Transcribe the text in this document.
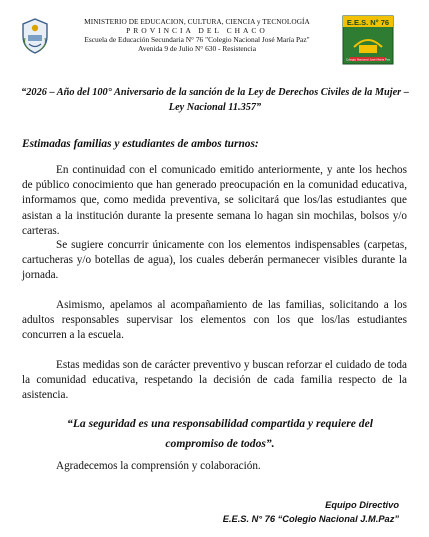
MINISTERIO DE EDUCACION, CULTURA, CIENCIA y TECNOLOGÍA
PROVINCIA DEL CHACO
Escuela de Educación Secundaria N° 76 "Colegio Nacional José María Paz"
Avenida 9 de Julio N° 630 - Resistencia
E.E.S. N° 76
Colegio Nacional José María Paz
“2026 – Año del 100° Aniversario de la sanción de la Ley de Derechos Civiles de la Mujer – Ley Nacional 11.357”
Estimadas familias y estudiantes de ambos turnos:

En continuidad con el comunicado emitido anteriormente, y ante los hechos de público conocimiento que han generado preocupación en la comunidad educativa, informamos que, como medida preventiva, se solicitará que los/las estudiantes que asistan a la institución durante la presente semana lo hagan sin mochilas, bolsos y/o carteras.

Se sugiere concurrir únicamente con los elementos indispensables (carpetas, cartucheras y/o botellas de agua), los cuales deberán permanecer visibles durante la jornada.

Asimismo, apelamos al acompañamiento de las familias, solicitando a los adultos responsables supervisar los elementos con los que los/las estudiantes concurren a la escuela.

Estas medidas son de carácter preventivo y buscan reforzar el cuidado de toda la comunidad educativa, respetando la decisión de cada familia respecto de la asistencia.

“La seguridad es una responsabilidad compartida y requiere del compromiso de todos”.

Agradecemos la comprensión y colaboración.

Equipo Directivo
E.E.S. N° 76 “Colegio Nacional J.M.Paz”
